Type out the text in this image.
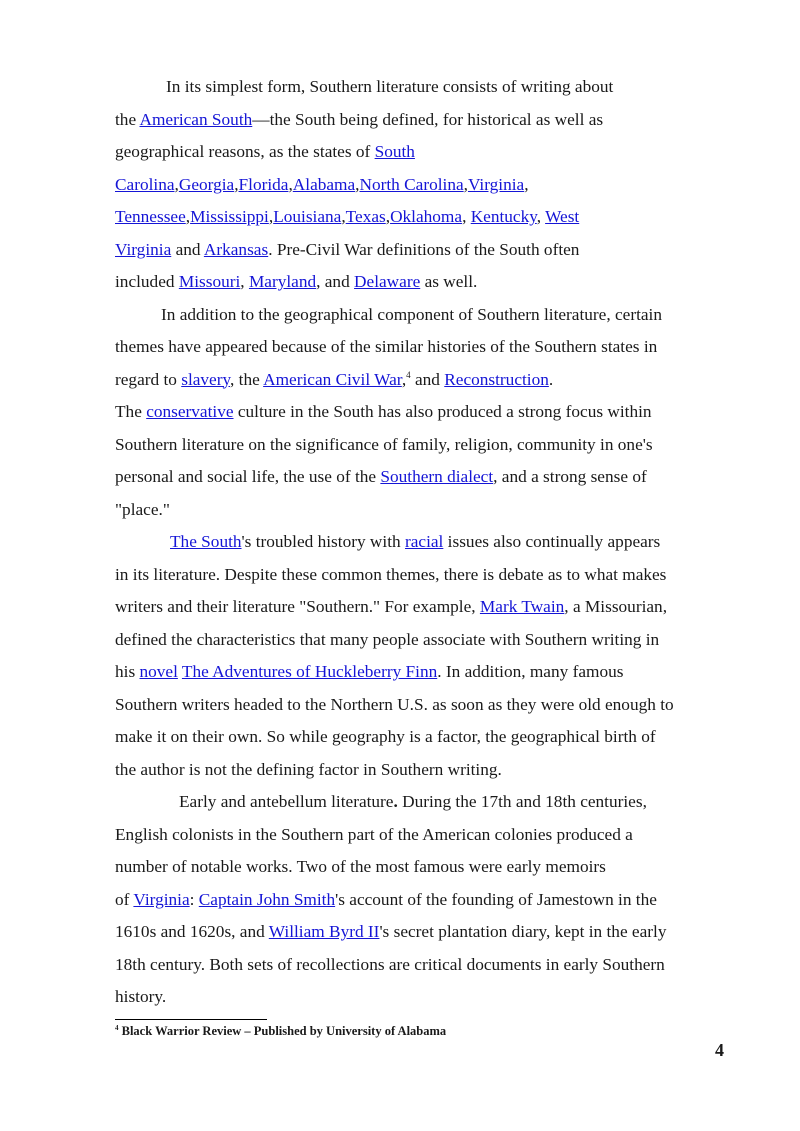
In its simplest form, Southern literature consists of writing about
the American South—the South being defined, for historical as well as
geographical reasons, as the states of South
Carolina,Georgia,Florida,Alabama,North Carolina,Virginia,
Tennessee,Mississippi,Louisiana,Texas,Oklahoma, Kentucky, West
Virginia and Arkansas. Pre-Civil War definitions of the South often
included Missouri, Maryland, and Delaware as well.

In addition to the geographical component of Southern literature, certain
themes have appeared because of the similar histories of the Southern states in
regard to slavery, the American Civil War,$^4$ and Reconstruction.
The conservative culture in the South has also produced a strong focus within
Southern literature on the significance of family, religion, community in one's
personal and social life, the use of the Southern dialect, and a strong sense of
"place."

The South's troubled history with racial issues also continually appears
in its literature. Despite these common themes, there is debate as to what makes
writers and their literature "Southern." For example, Mark Twain, a Missourian,
defined the characteristics that many people associate with Southern writing in
his novel The Adventures of Huckleberry Finn. In addition, many famous
Southern writers headed to the Northern U.S. as soon as they were old enough to
make it on their own. So while geography is a factor, the geographical birth of
the author is not the defining factor in Southern writing.

Early and antebellum literature. During the 17th and 18th centuries,
English colonists in the Southern part of the American colonies produced a
number of notable works. Two of the most famous were early memoirs
of Virginia: Captain John Smith's account of the founding of Jamestown in the
1610s and 1620s, and William Byrd II's secret plantation diary, kept in the early
18th century. Both sets of recollections are critical documents in early Southern
history.

$^4$ Black Warrior Review – Published by University of Alabama
4
